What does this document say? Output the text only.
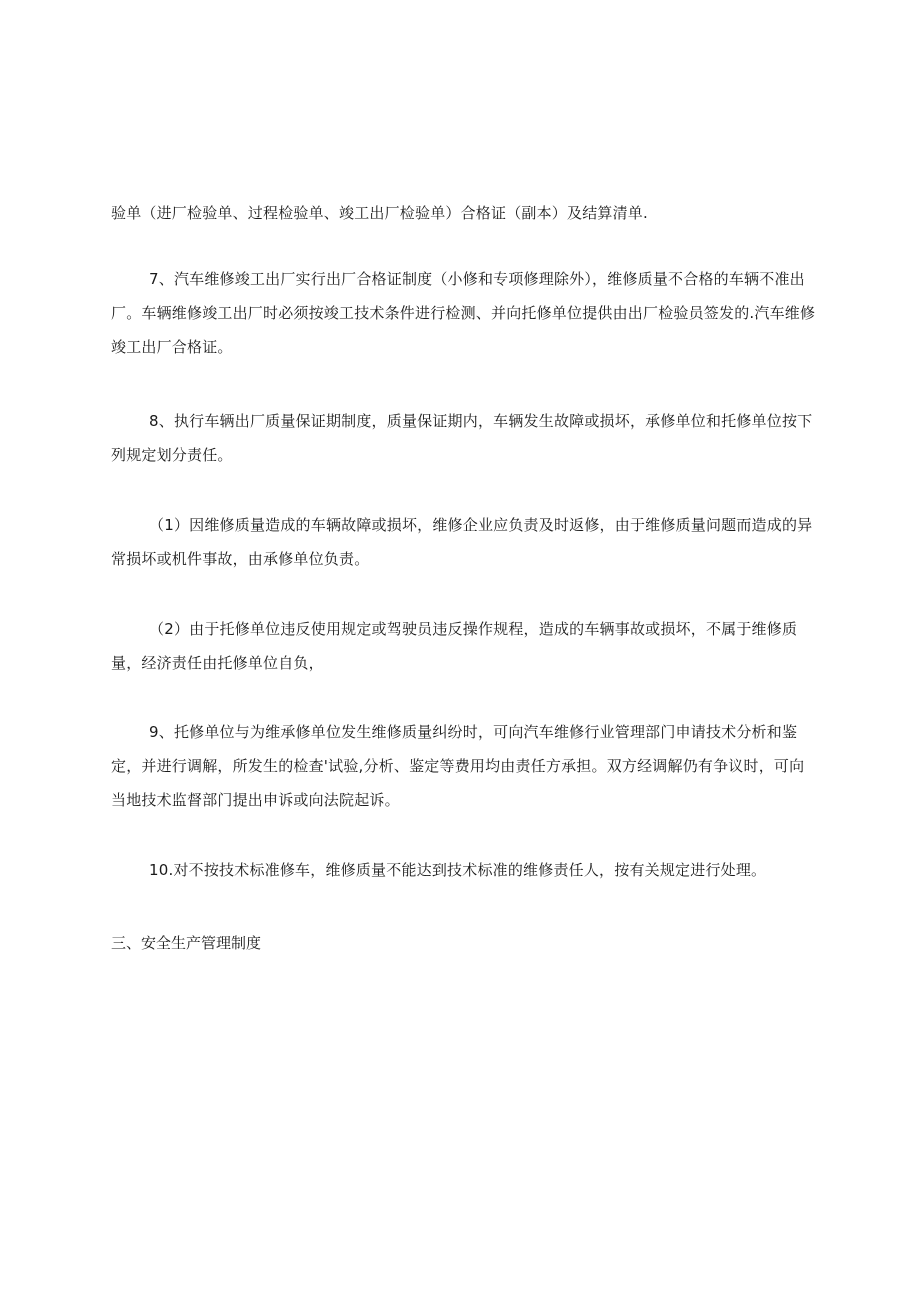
验单（进厂检验单、过程检验单、竣工出厂检验单）合格证（副本）及结算清单.

7、汽车维修竣工出厂实行出厂合格证制度（小修和专项修理除外），维修质量不合格的车辆不准出厂。车辆维修竣工出厂时必须按竣工技术条件进行检测、并向托修单位提供由出厂检验员签发的.汽车维修竣工出厂合格证。

8、执行车辆出厂质量保证期制度，质量保证期内，车辆发生故障或损坏，承修单位和托修单位按下列规定划分责任。

（1）因维修质量造成的车辆故障或损坏，维修企业应负责及时返修，由于维修质量问题而造成的异常损坏或机件事故，由承修单位负责。

（2）由于托修单位违反使用规定或驾驶员违反操作规程，造成的车辆事故或损坏，不属于维修质量，经济责任由托修单位自负，

9、托修单位与为维承修单位发生维修质量纠纷时，可向汽车维修行业管理部门申请技术分析和鉴定，并进行调解，所发生的检查'试验,分析、鉴定等费用均由责任方承担。双方经调解仍有争议时，可向当地技术监督部门提出申诉或向法院起诉。

10.对不按技术标准修车，维修质量不能达到技术标准的维修责任人，按有关规定进行处理。

三、安全生产管理制度
